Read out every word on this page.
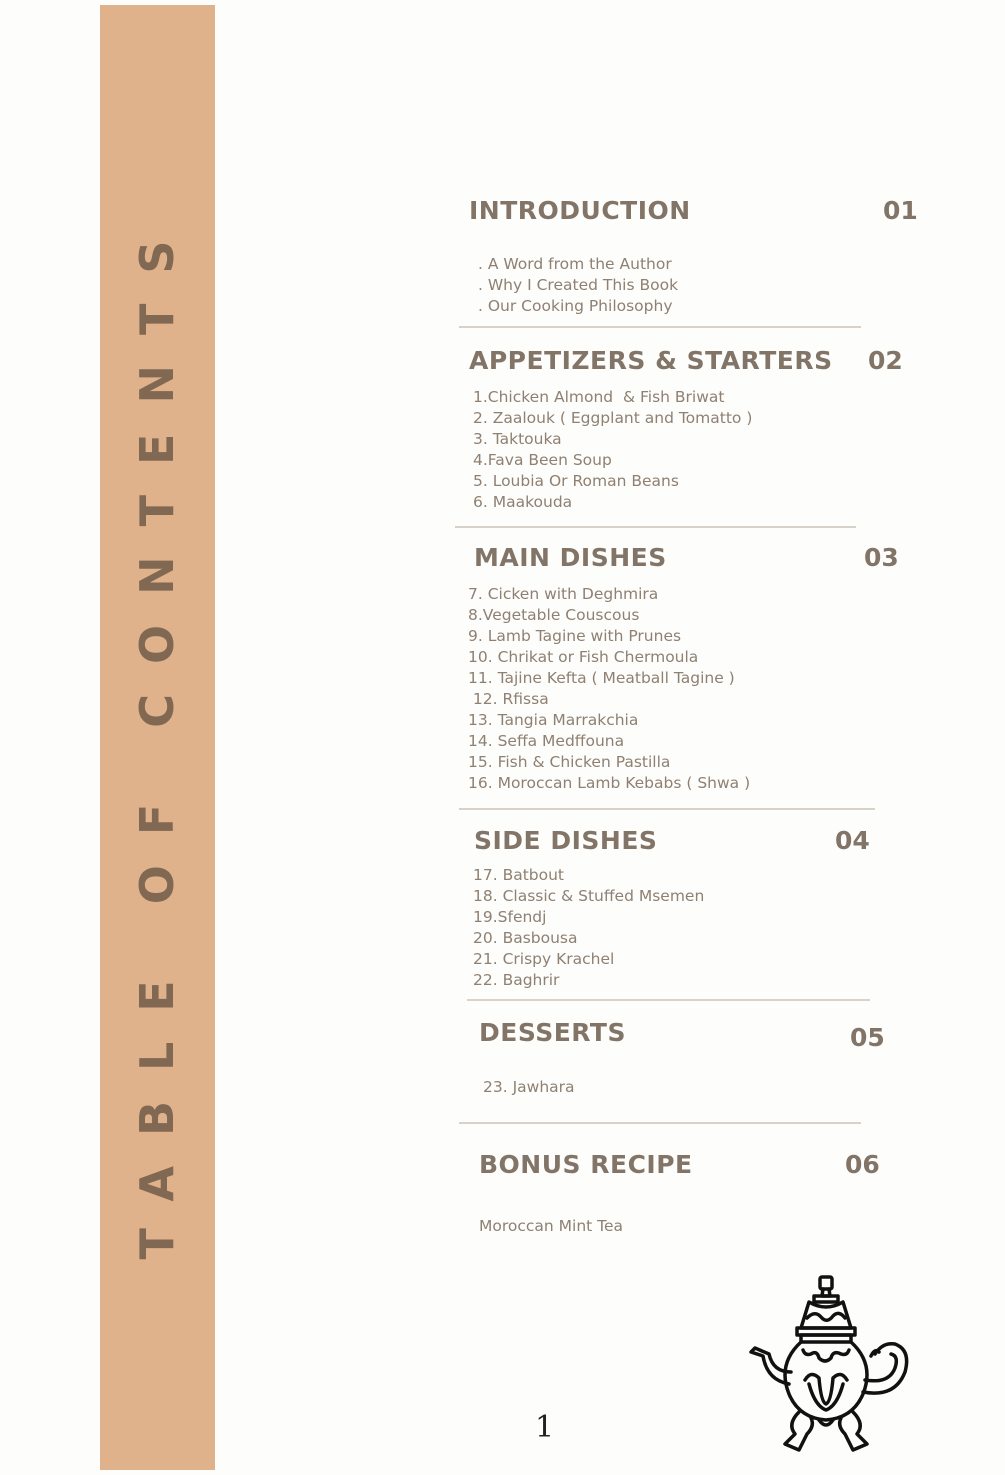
TABLE OF CONTENTS
INTRODUCTION	01
. A Word from the Author
. Why I Created This Book
. Our Cooking Philosophy
APPETIZERS & STARTERS 02
1.Chicken Almond  & Fish Briwat
2. Zaalouk ( Eggplant and Tomatto )
3. Taktouka
4.Fava Been Soup
5. Loubia Or Roman Beans
6. Maakouda
MAIN DISHES	03
7. Cicken with Deghmira
8.Vegetable Couscous
9. Lamb Tagine with Prunes
10. Chrikat or Fish Chermoula
11. Tajine Kefta ( Meatball Tagine )
12. Rfissa
13. Tangia Marrakchia
14. Seffa Medffouna
15. Fish & Chicken Pastilla
16. Moroccan Lamb Kebabs ( Shwa )
SIDE DISHES	04
17. Batbout
18. Classic & Stuffed Msemen
19.Sfendj
20. Basbousa
21. Crispy Krachel
22. Baghrir
DESSERTS	05
23. Jawhara
BONUS RECIPE	06
Moroccan Mint Tea
1
